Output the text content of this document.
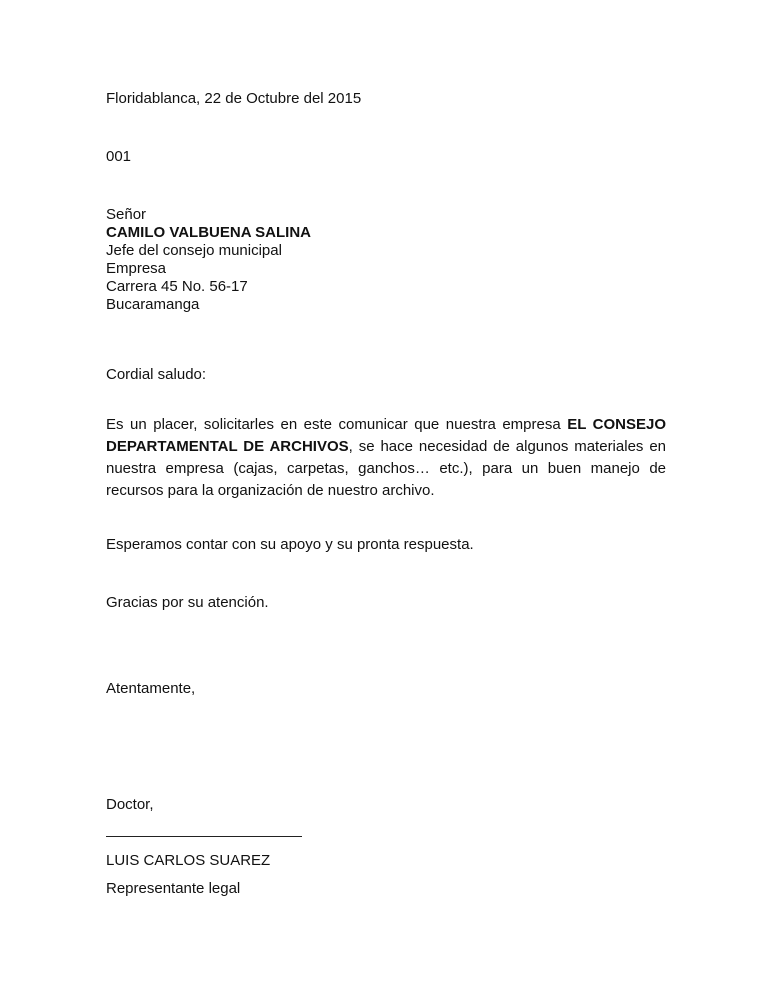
Floridablanca, 22 de Octubre del 2015
001
Señor
CAMILO VALBUENA SALINA
Jefe del consejo municipal
Empresa
Carrera 45 No. 56-17
Bucaramanga
Cordial saludo:
Es un placer, solicitarles en este comunicar que nuestra empresa EL CONSEJO
DEPARTAMENTAL DE ARCHIVOS, se hace necesidad de algunos materiales en
nuestra empresa (cajas, carpetas, ganchos… etc.), para un buen manejo de
recursos para la organización de nuestro archivo.
Esperamos contar con su apoyo y su pronta respuesta.
Gracias por su atención.
Atentamente,
Doctor,
LUIS CARLOS SUAREZ
Representante legal
